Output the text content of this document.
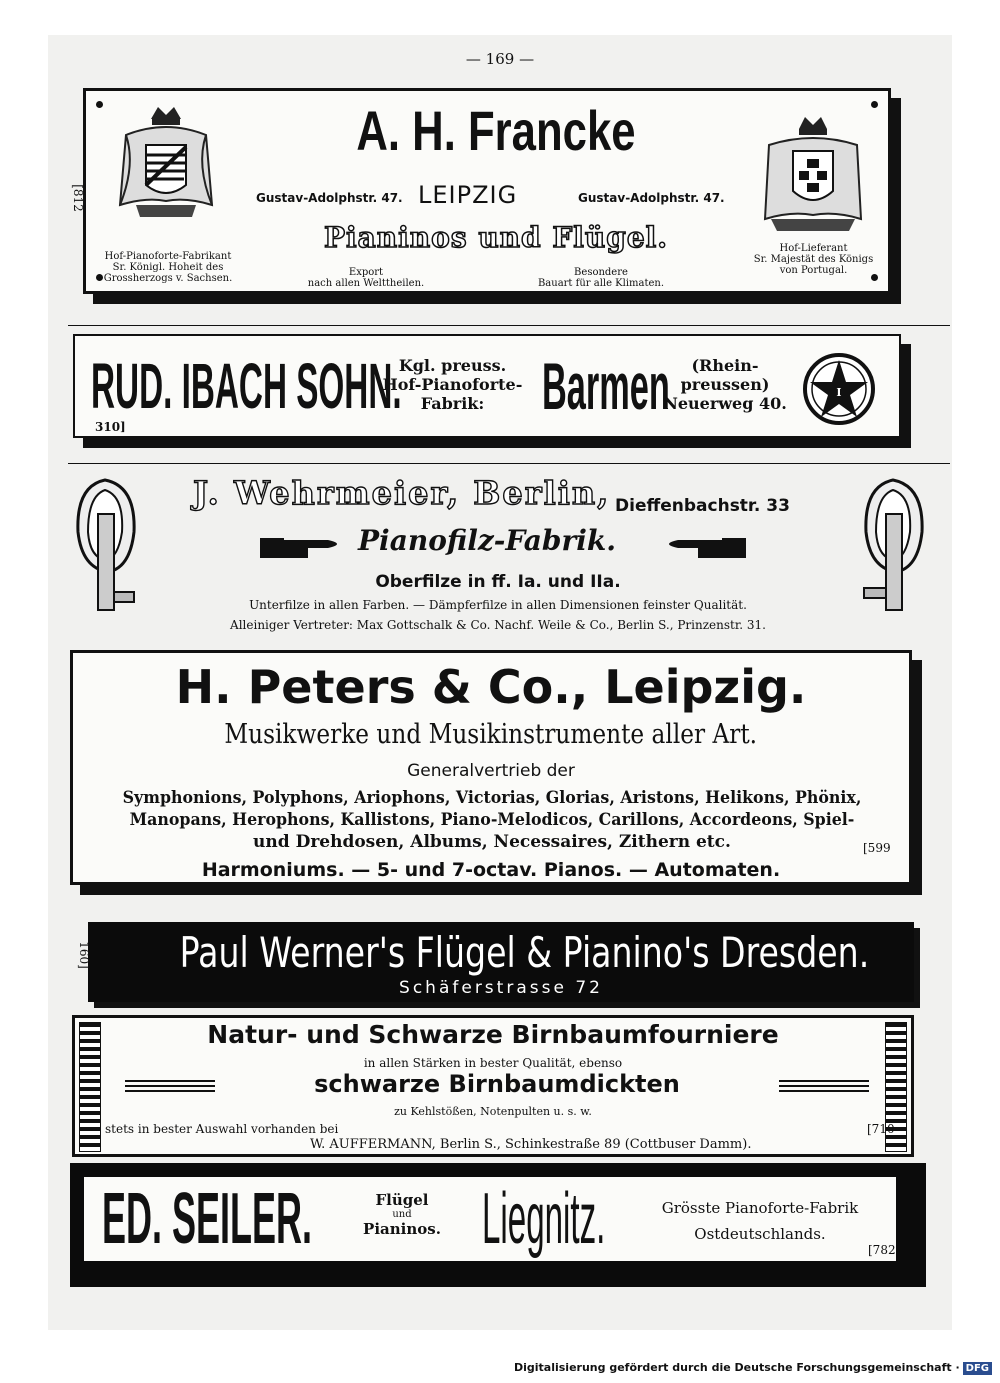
— 169 —
[812
Hof-Pianoforte-Fabrikant
Sr. Königl. Hoheit des
Grossherzogs v. Sachsen.
Hof-Lieferant
Sr. Majestät des Königs
von Portugal.
A. H. Francke
Gustav-Adolphstr. 47. LEIPZIG	Gustav-Adolphstr. 47.
Pianinos und Flügel.
Export
nach allen Welttheilen.
Besondere
Bauart für alle Klimaten.
RUD. IBACH SOHN.
Kgl. preuss.
Hof-Pianoforte-
Fabrik: Barmen	(Rhein-
preussen)
Neuerweg 40.
I
310]
J. Wehrmeier, Berlin, Dieffenbachstr. 33
Pianofilz-Fabrik.
Oberfilze in ff. Ia. und IIa.
Unterfilze in allen Farben. — Dämpferfilze in allen Dimensionen feinster Qualität.
Alleiniger Vertreter: Max Gottschalk & Co. Nachf. Weile & Co., Berlin S., Prinzenstr. 31.
H. Peters & Co., Leipzig.
Musikwerke und Musikinstrumente aller Art.
Generalvertrieb der
Symphonions, Polyphons, Ariophons, Victorias, Glorias, Aristons, Helikons, Phönix,
Manopans, Herophons, Kallistons, Piano-Melodicos, Carillons, Accordeons, Spiel-
und Drehdosen, Albums, Necessaires, Zithern etc.	[599
Harmoniums. — 5- und 7-octav. Pianos. — Automaten.
Paul Werner's Flügel & Pianino's Dresden.
Schäferstrasse 72
160]
Natur- und Schwarze Birnbaumfourniere
in allen Stärken in bester Qualität, ebenso
schwarze Birnbaumdickten
zu Kehlstößen, Notenpulten u. s. w.
stets in bester Auswahl vorhanden bei	[710
W. AUFFERMANN, Berlin S., Schinkestraße 89 (Cottbuser Damm).
ED. SEILER.	Flügel
und
Pianinos. Liegnitz.	Grösste Pianoforte-Fabrik
Ostdeutschlands.
[782
Digitalisierung gefördert durch die Deutsche Forschungsgemeinschaft · DFG
